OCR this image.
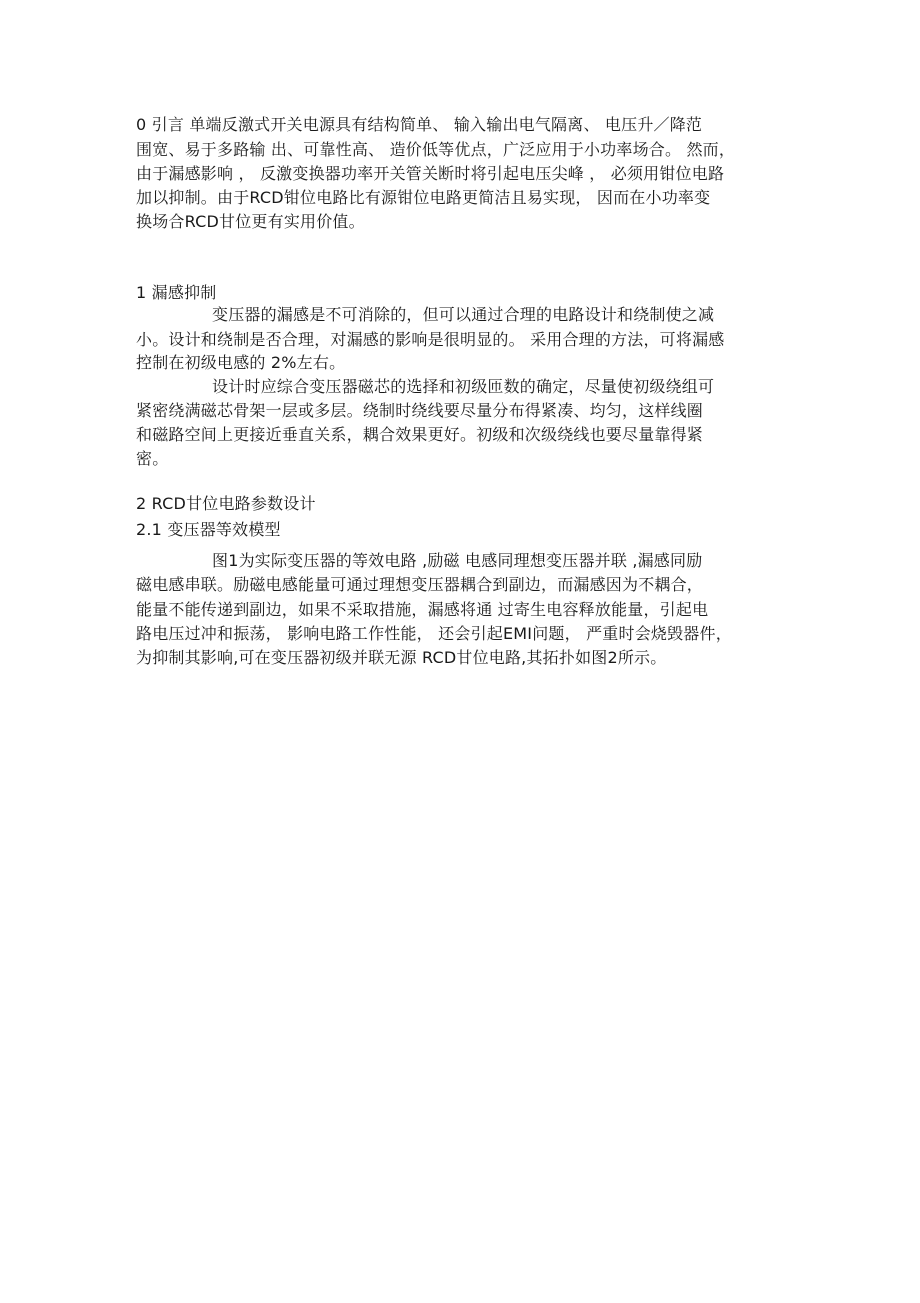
0 引言 单端反激式开关电源具有结构简单、 输入输出电气隔离、 电压升／降范
围宽、易于多路输 出、可靠性高、 造价低等优点，广泛应用于小功率场合。 然而，
由于漏感影响 ， 反激变换器功率开关管关断时将引起电压尖峰 ， 必须用钳位电路
加以抑制。由于RCD钳位电路比有源钳位电路更简洁且易实现， 因而在小功率变
换场合RCD甘位更有实用价值。
1 漏感抑制
变压器的漏感是不可消除的，但可以通过合理的电路设计和绕制使之减
小。设计和绕制是否合理，对漏感的影响是很明显的。 采用合理的方法，可将漏感
控制在初级电感的 2%左右。
设计时应综合变压器磁芯的选择和初级匝数的确定，尽量使初级绕组可
紧密绕满磁芯骨架一层或多层。绕制时绕线要尽量分布得紧凑、均匀，这样线圈
和磁路空间上更接近垂直关系，耦合效果更好。初级和次级绕线也要尽量靠得紧
密。
2 RCD甘位电路参数设计
2.1 变压器等效模型
图1为实际变压器的等效电路 ,励磁 电感同理想变压器并联 ,漏感同励
磁电感串联。励磁电感能量可通过理想变压器耦合到副边，而漏感因为不耦合，
能量不能传递到副边，如果不采取措施，漏感将通 过寄生电容释放能量，引起电
路电压过冲和振荡， 影响电路工作性能， 还会引起EMI问题， 严重时会烧毁器件，
为抑制其影响,可在变压器初级并联无源 RCD甘位电路,其拓扑如图2所示。
